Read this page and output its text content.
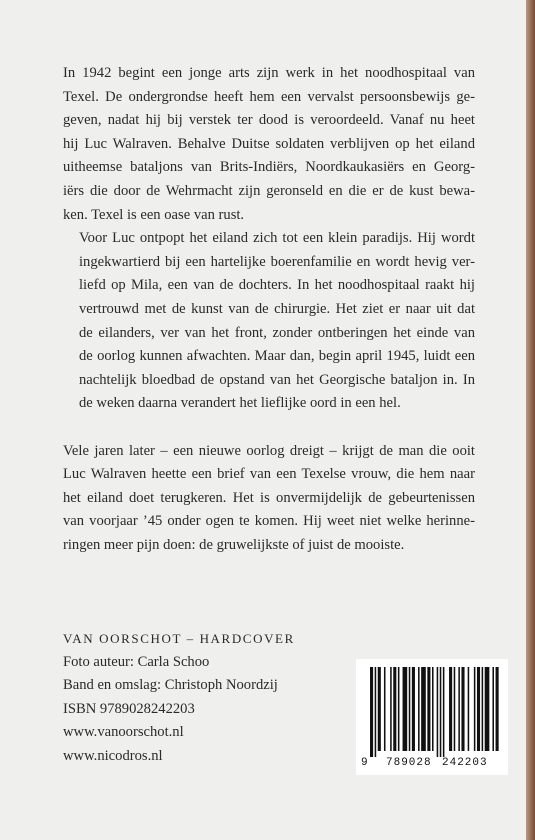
In 1942 begint een jonge arts zijn werk in het noodhospitaal van
Texel. De ondergrondse heeft hem een vervalst persoonsbewijs ge-
geven, nadat hij bij verstek ter dood is veroordeeld. Vanaf nu heet
hij Luc Walraven. Behalve Duitse soldaten verblijven op het eiland
uitheemse bataljons van Brits-Indiërs, Noordkaukasiërs en Georg-
iërs die door de Wehrmacht zijn geronseld en die er de kust bewa-
ken. Texel is een oase van rust.

Voor Luc ontpopt het eiland zich tot een klein paradijs. Hij wordt
ingekwartierd bij een hartelijke boerenfamilie en wordt hevig ver-
liefd op Mila, een van de dochters. In het noodhospitaal raakt hij
vertrouwd met de kunst van de chirurgie. Het ziet er naar uit dat
de eilanders, ver van het front, zonder ontberingen het einde van
de oorlog kunnen afwachten. Maar dan, begin april 1945, luidt een
nachtelijk bloedbad de opstand van het Georgische bataljon in. In
de weken daarna verandert het lieflijke oord in een hel.

Vele jaren later – een nieuwe oorlog dreigt – krijgt de man die ooit
Luc Walraven heette een brief van een Texelse vrouw, die hem naar
het eiland doet terugkeren. Het is onvermijdelijk de gebeurtenissen
van voorjaar ’45 onder ogen te komen. Hij weet niet welke herinne-
ringen meer pijn doen: de gruwelijkste of juist de mooiste.

VAN OORSCHOT – HARDCOVER
Foto auteur: Carla Schoo
Band en omslag: Christoph Noordzij
ISBN 9789028242203
www.vanoorschot.nl
www.nicodros.nl	9 789028 242203
